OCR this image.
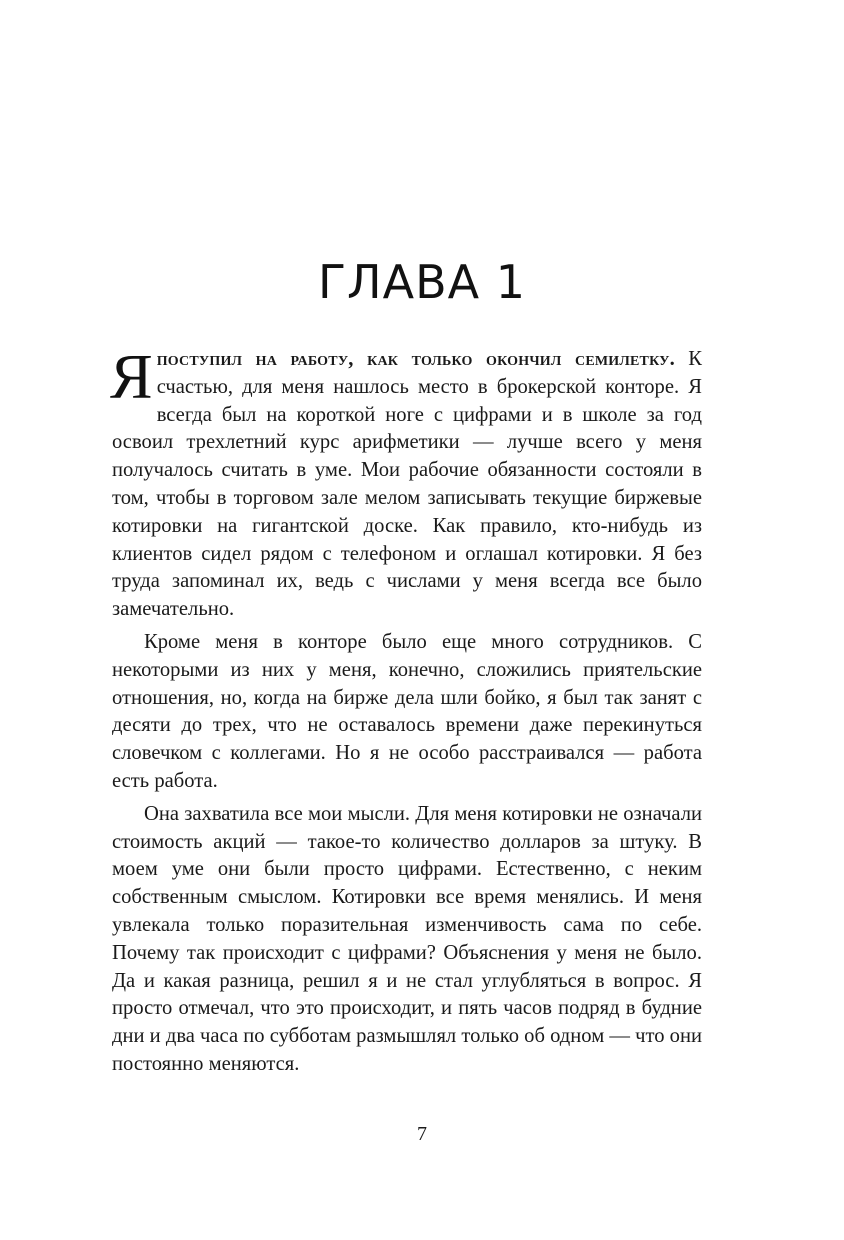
ГЛАВА 1

Япоступил на работу, как только окончил семилетку. К счастью, для меня нашлось место в брокерской конторе. Я всегда был на короткой ноге с цифрами и в школе за год освоил трехлетний курс арифметики — лучше всего у меня получалось считать в уме. Мои рабочие обязанности состояли в том, чтобы в торговом зале мелом записывать текущие биржевые котировки на гигантской доске. Как правило, кто-нибудь из клиентов сидел рядом с телефоном и оглашал котировки. Я без труда запоминал их, ведь с числами у меня всегда все было замечательно.

Кроме меня в конторе было еще много сотрудников. С некоторыми из них у меня, конечно, сложились приятельские отношения, но, когда на бирже дела шли бойко, я был так занят с десяти до трех, что не оставалось времени даже перекинуться словечком с коллегами. Но я не особо расстраивался — работа есть работа.

Она захватила все мои мысли. Для меня котировки не означали стоимость акций — такое-то количество долларов за штуку. В моем уме они были просто цифрами. Естественно, с неким собственным смыслом. Котировки все время менялись. И меня увлекала только поразительная изменчивость сама по себе. Почему так происходит с цифрами? Объяснения у меня не было. Да и какая разница, решил я и не стал углубляться в вопрос. Я просто отмечал, что это происходит, и пять часов подряд в будние дни и два часа по субботам размышлял только об одном — что они постоянно меняются.

7
